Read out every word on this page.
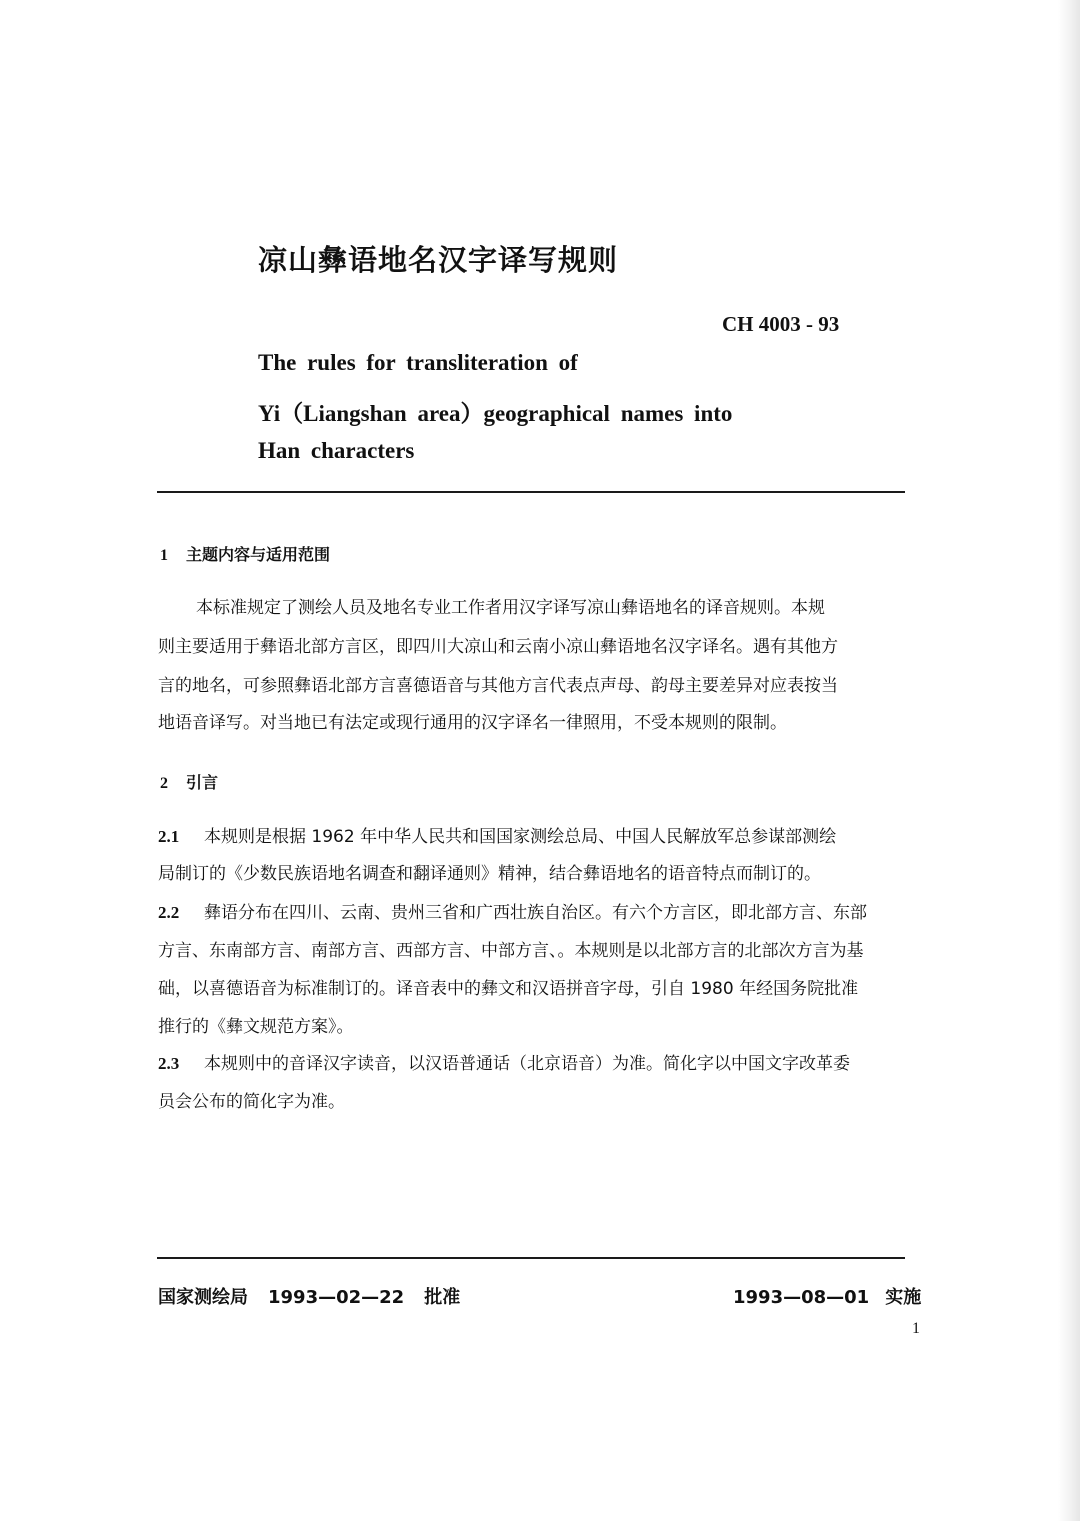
凉山彝语地名汉字译写规则
CH 4003 - 93
The rules for transliteration of
Yi（Liangshan area）geographical names into
Han characters
1 主题内容与适用范围
本标准规定了测绘人员及地名专业工作者用汉字译写凉山彝语地名的译音规则。本规
则主要适用于彝语北部方言区，即四川大凉山和云南小凉山彝语地名汉字译名。遇有其他方
言的地名，可参照彝语北部方言喜德语音与其他方言代表点声母、韵母主要差异对应表按当
地语音译写。对当地已有法定或现行通用的汉字译名一律照用，不受本规则的限制。
2 引言
2.1 本规则是根据 1962 年中华人民共和国国家测绘总局、中国人民解放军总参谋部测绘
局制订的《少数民族语地名调查和翻译通则》精神，结合彝语地名的语音特点而制订的。
2.2 彝语分布在四川、云南、贵州三省和广西壮族自治区。有六个方言区，即北部方言、东部
方言、东南部方言、南部方言、西部方言、中部方言、。本规则是以北部方言的北部次方言为基
础，以喜德语音为标准制订的。译音表中的彝文和汉语拼音字母，引自 1980 年经国务院批准
推行的《彝文规范方案》。
2.3 本规则中的音译汉字读音，以汉语普通话（北京语音）为准。简化字以中国文字改革委
员会公布的简化字为准。
国家测绘局 1993—02—22 批准	1993—08—01 实施
1
